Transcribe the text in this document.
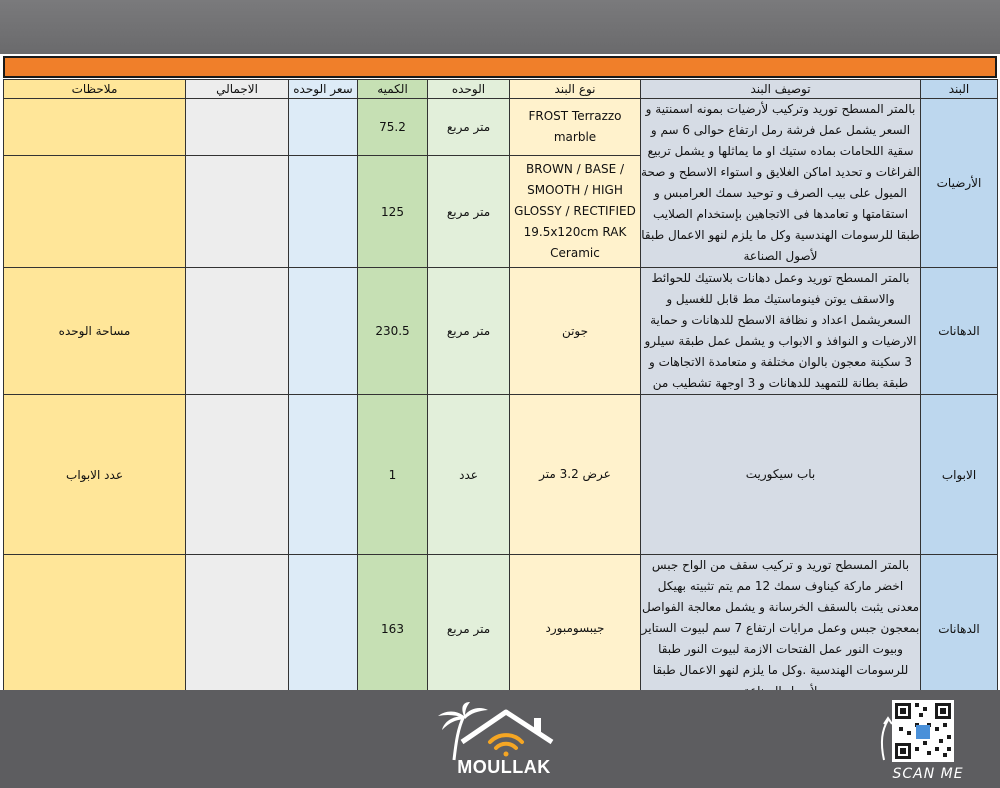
البند	توصيف البند	نوع البند	الوحده	الكميه	سعر الوحده	الاجمالي	ملاحظات
الأرضيات	بالمتر المسطح توريد وتركيب لأرضيات بمونه اسمنتية و السعر يشمل عمل فرشة رمل ارتفاع حوالى 6 سم و سقية اللحامات بماده ستيك او ما يماثلها و يشمل تربيع الفراغات و تحديد اماكن الغلايق و استواء الاسطح و صحة الميول على بيب الصرف و توحيد سمك العرامبس و استقامتها و تعامدها فى الاتجاهين بإستخدام الصلايب طبقا للرسومات الهندسية وكل ما يلزم لنهو الاعمال طبقا لأصول الصناعة	FROST Terrazzo marble	متر مربع	75.2			
		BROWN / BASE / SMOOTH / HIGH GLOSSY / RECTIFIED 19.5x120cm RAK Ceramic	متر مربع	125			
الدهانات	بالمتر المسطح توريد وعمل دهانات بلاستيك للحوائط والاسقف يوتن فينوماستيك مط قابل للغسيل و السعريشمل اعداد و نظافة الاسطح للدهانات و حماية الارضيات و النوافذ و الابواب و يشمل عمل طبقة سيلرو 3 سكينة معجون بالوان مختلفة و متعامدة الاتجاهات و طبقة بطانة للتمهيد للدهانات و 3 اوجهة تشطيب من	جوتن	متر مربع	230.5			مساحة الوحده
الابواب	باب سيكوريت	عرض 3.2 متر	عدد	1			عدد الابواب
الدهانات	بالمتر المسطح توريد و تركيب سقف من الواح جبس اخضر ماركة كيناوف سمك 12 مم يتم تثبيته بهيكل معدنى يثبت بالسقف الخرسانة و يشمل معالجة الفواصل بمعجون جبس وعمل مرايات ارتفاع 7 سم لبيوت الستاير وبيوت النور عمل الفتحات الازمة لبيوت النور طبقا للرسومات الهندسية .وكل ما يلزم لنهو الاعمال طبقا	جيبسومبورد	متر مربع	163			
MOULLAK	SCAN ME
